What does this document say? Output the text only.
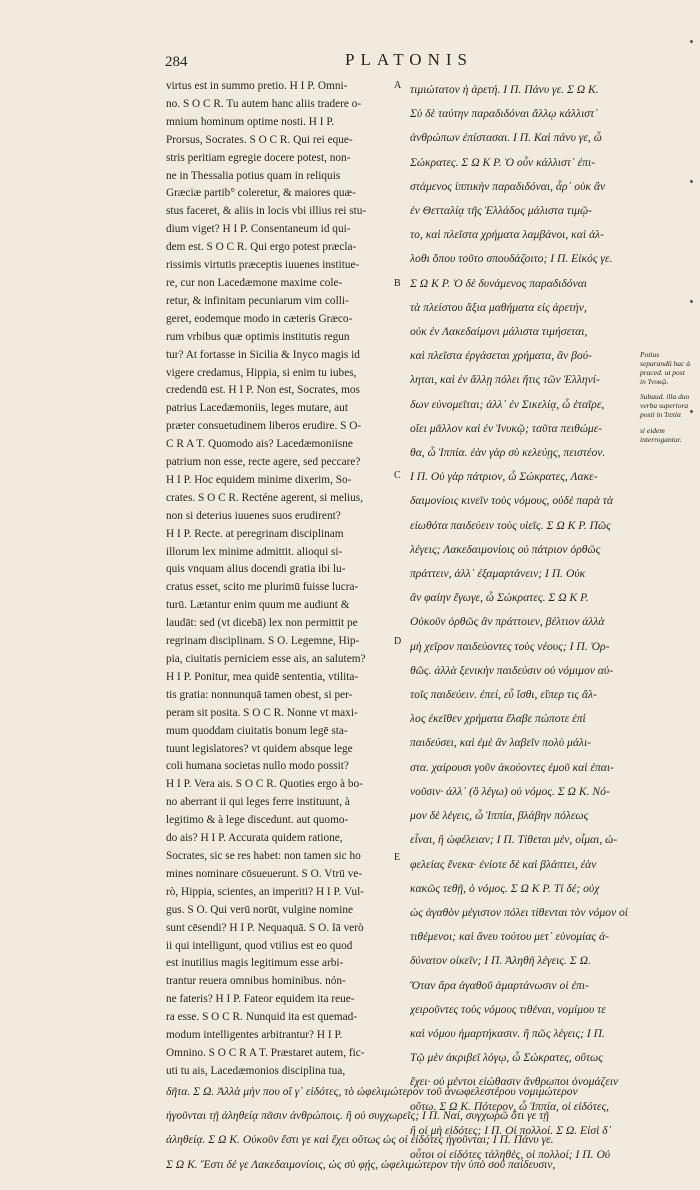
284	PLATONIS
virtus est in summo pretio. H I P. Omni-
no. S O C R. Tu autem hanc aliis tradere o-
mnium hominum optime nosti. H I P.
Prorsus, Socrates. S O C R. Qui rei eque-
stris peritiam egregie docere potest, non-
ne in Thessalia potius quam in reliquis
Græciæ partib° coleretur, & maiores quæ-
stus faceret, & aliis in locis vbi illius rei stu-
dium viget? H I P. Consentaneum id qui-
dem est. S O C R. Qui ergo potest præcla-
rissimis virtutis præceptis iuuenes institue-
re, cur non Lacedæmone maxime cole-
retur, & infinitam pecuniarum vim colli-
geret, eodemque modo in cæteris Græco-
rum vrbibus quæ optimis institutis regun
tur? At fortasse in Sicilia & Inyco magis id
vigere credamus, Hippia, si enim tu iubes,
credendū est. H I P. Non est, Socrates, mos
patrius Lacedæmoniis, leges mutare, aut
præter consuetudinem liberos erudire. S O-
C R A T. Quomodo ais? Lacedæmoniisne
patrium non esse, recte agere, sed peccare?
H I P. Hoc equidem minime dixerim, So-
crates. S O C R. Recténe agerent, si melius,
non si deterius iuuenes suos erudirent?
H I P. Recte. at peregrinam disciplinam
illorum lex minime admittit. alioqui si-
quis vnquam alius docendi gratia ibi lu-
cratus esset, scito me plurimū fuisse lucra-
turū. Lætantur enim quum me audiunt &
laudāt: sed (vt dicebā) lex non permittit pe
regrinam disciplinam. S O. Legemne, Hip-
pia, ciuitatis perniciem esse ais, an salutem?
H I P. Ponitur, mea quidē sententia, vtilita-
tis gratia: nonnunquā tamen obest, si per-
peram sit posita. S O C R. Nonne vt maxi-
mum quoddam ciuitatis bonum legē sta-
tuunt legislatores? vt quidem absque lege
coli humana societas nullo modo possit?
H I P. Vera ais. S O C R. Quoties ergo à bo-
no aberrant ii qui leges ferre instituunt, à
legitimo & à lege discedunt. aut quomo-
do ais? H I P. Accurata quidem ratione,
Socrates, sic se res habet: non tamen sic ho
mines nominare cōsueuerunt. S O. Vtrū ve-
rò, Hippia, scientes, an imperiti? H I P. Vul-
gus. S O. Qui verū norūt, vulgine nomine
sunt cēsendi? H I P. Nequaquā. S O. Iā verò
ii qui intelligunt, quod vtilius est eo quod
est inutilius magis legitimum esse arbi-
trantur reuera omnibus hominibus. nón-
ne fateris? H I P. Fateor equidem ita reue-
ra esse. S O C R. Nunquid ita est quemad-
modum intelligentes arbitrantur? H I P.
Omnino. S O C R A T. Præstaret autem, fic-
uti tu ais, Lacedæmonios disciplina tua,
τιμιώτατον ἡ ἀρετή. Ι Π. Πάνυ γε. Σ Ω Κ.
Σὺ δὲ ταύτην παραδιδόναι ἄλλῳ κάλλιστ᾽
ἀνθρώπων ἐπίστασαι. Ι Π. Καὶ πάνυ γε, ὦ
Σώκρατες. Σ Ω Κ Ρ. Ὁ οὖν κάλλιστ᾽ ἐπι-
στάμενος ἱππικὴν παραδιδόναι, ἆρ᾽ οὐκ ἂν
ἐν Θετταλίᾳ τῆς Ἑλλάδος μάλιστα τιμῷ-
το, καὶ πλεῖστα χρήματα λαμβάνοι, καὶ ἀλ-
λοθι ὅπου τοῦτο σπουδάζοιτο; Ι Π. Εἰκός γε.
Σ Ω Κ Ρ. Ὁ δὲ δυνάμενος παραδιδόναι
τὰ πλείστου ἄξια μαθήματα εἰς ἀρετήν,
οὐκ ἐν Λακεδαίμονι μάλιστα τιμήσεται,
καὶ πλεῖστα ἐργάσεται χρήματα, ἂν βού-
ληται, καὶ ἐν ἄλλῃ πόλει ἥτις τῶν Ἑλληνί-
δων εὐνομεῖται; ἀλλ᾽ ἐν Σικελίᾳ, ὦ ἑταῖρε,
οἴει μᾶλλον καὶ ἐν Ἰνυκῷ; ταῦτα πειθώμε-
θα, ὦ Ἱππία. ἐὰν γὰρ σὺ κελεύῃς, πειστέον.
Ι Π. Οὐ γὰρ πάτριον, ὦ Σώκρατες, Λακε-
δαιμονίοις κινεῖν τοὺς νόμους, οὐδὲ παρὰ τὰ
εἰωθότα παιδεύειν τοὺς υἱεῖς. Σ Ω Κ Ρ. Πῶς
λέγεις; Λακεδαιμονίοις οὐ πάτριον ὀρθῶς
πράττειν, ἀλλ᾽ ἐξαμαρτάνειν; Ι Π. Οὐκ
ἂν φαίην ἔγωγε, ὦ Σώκρατες. Σ Ω Κ Ρ.
Οὐκοῦν ὀρθῶς ἂν πράττοιεν, βέλτιον ἀλλὰ
μὴ χεῖρον παιδεύοντες τοὺς νέους; Ι Π. Ὀρ-
θῶς. ἀλλὰ ξενικὴν παιδεύσιν οὐ νόμιμον αὐ-
τοῖς παιδεύειν. ἐπεί, εὖ ἴσθι, εἴπερ τις ἄλ-
λος ἐκεῖθεν χρήματα ἔλαβε πώποτε ἐπὶ
παιδεύσει, καὶ ἐμὲ ἂν λαβεῖν πολὺ μάλι-
στα. χαίρουσι γοῦν ἀκούοντες ἐμοῦ καὶ ἐπαι-
νοῦσιν· ἀλλ᾽ (ὃ λέγω) οὐ νόμος. Σ Ω Κ. Νό-
μον δὲ λέγεις, ὦ Ἱππία, βλάβην πόλεως
εἶναι, ἢ ὠφέλειαν; Ι Π. Τίθεται μέν, οἶμαι, ὠ-
φελείας ἕνεκα· ἐνίοτε δὲ καὶ βλάπτει, ἐὰν
κακῶς τεθῇ, ὁ νόμος. Σ Ω Κ Ρ. Τί δέ; οὐχ
ὡς ἀγαθὸν μέγιστον πόλει τίθενται τὸν νόμον οἱ
τιθέμενοι; καὶ ἄνευ τούτου μετ᾽ εὐνομίας ἀ-
δύνατον οἰκεῖν; Ι Π. Ἀληθῆ λέγεις. Σ Ω.
Ὅταν ἄρα ἀγαθοῦ ἁμαρτάνωσιν οἱ ἐπι-
χειροῦντες τοὺς νόμους τιθέναι, νομίμου τε
καὶ νόμου ἡμαρτήκασιν. ἢ πῶς λέγεις; Ι Π.
Τῷ μὲν ἀκριβεῖ λόγῳ, ὦ Σώκρατες, οὕτως
ἔχει· οὐ μέντοι εἰώθασιν ἄνθρωποι ὀνομάζειν
οὕτω. Σ Ω Κ. Πότερον, ὦ Ἱππία, οἱ εἰδότες,
ἢ οἱ μὴ εἰδότες; Ι Π. Οἱ πολλοί. Σ Ω. Εἰσὶ δ᾽
οὗτοι οἱ εἰδότες τἀληθὲς, οἱ πολλοί; Ι Π. Οὐ
δῆτα. Σ Ω. Ἀλλὰ μὴν που οἵ γ᾽ εἰδότες, τὸ ὠφελιμώτερον τοῦ ἀνωφελεστέρου νομιμώτερον
ἡγοῦνται τῇ ἀληθείᾳ πᾶσιν ἀνθρώποις. ἢ οὐ συγχωρεῖς; Ι Π. Ναί, συγχωρῶ ὅτι γε τῇ
ἀληθείᾳ. Σ Ω Κ. Οὐκοῦν ἔστι γε καὶ ἔχει οὕτως ὡς οἱ εἰδότες ἡγοῦνται; Ι Π. Πάνυ γε.
Σ Ω Κ. Ἔστι δέ γε Λακεδαιμονίοις, ὡς σὺ φῄς, ὠφελιμώτερον τὴν ὑπὸ σοῦ παίδευσιν,
A
B
C
D
E
Potius separandū hac à praced. ut post in Ἰνυκῷ.
Subaud. illa duo verba superiora posti in Ἱππία
si eidem interrogantur.
